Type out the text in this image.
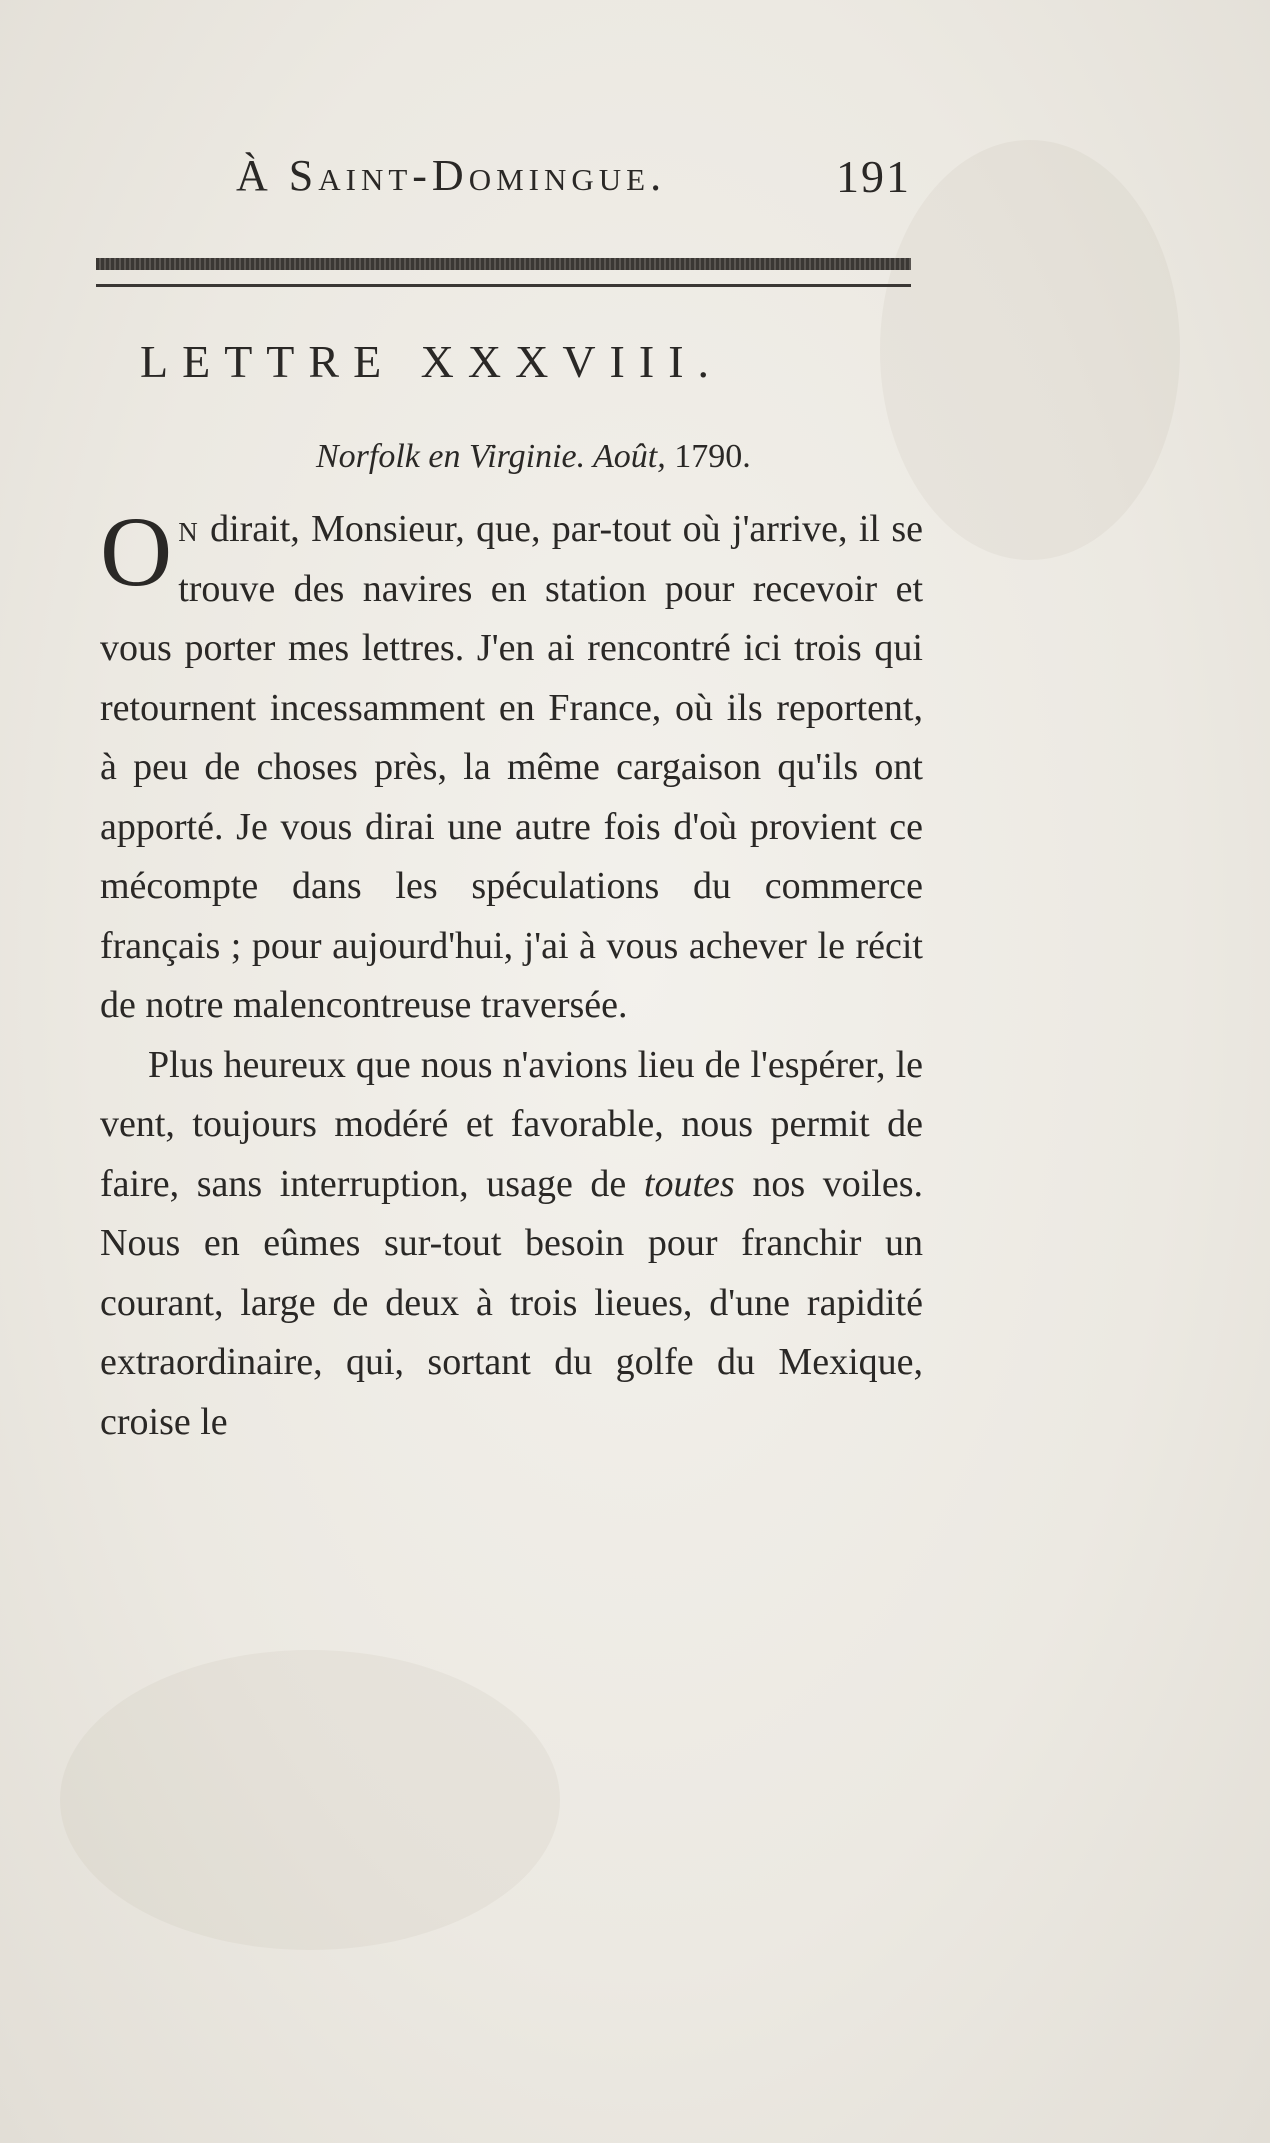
À Saint-Domingue.	191
LETTRE XXXVIII.
Norfolk en Virginie. Août, 1790.

On dirait, Monsieur, que, par-tout où j'arrive, il se trouve des navires en station pour recevoir et vous porter mes lettres. J'en ai rencontré ici trois qui retournent incessamment en France, où ils reportent, à peu de choses près, la même cargaison qu'ils ont apporté. Je vous dirai une autre fois d'où provient ce mécompte dans les spéculations du commerce français ; pour aujourd'hui, j'ai à vous achever le récit de notre malencontreuse traversée.

Plus heureux que nous n'avions lieu de l'espérer, le vent, toujours modéré et favorable, nous permit de faire, sans interruption, usage de toutes nos voiles. Nous en eûmes sur-tout besoin pour franchir un courant, large de deux à trois lieues, d'une rapidité extraordinaire, qui, sortant du golfe du Mexique, croise le
